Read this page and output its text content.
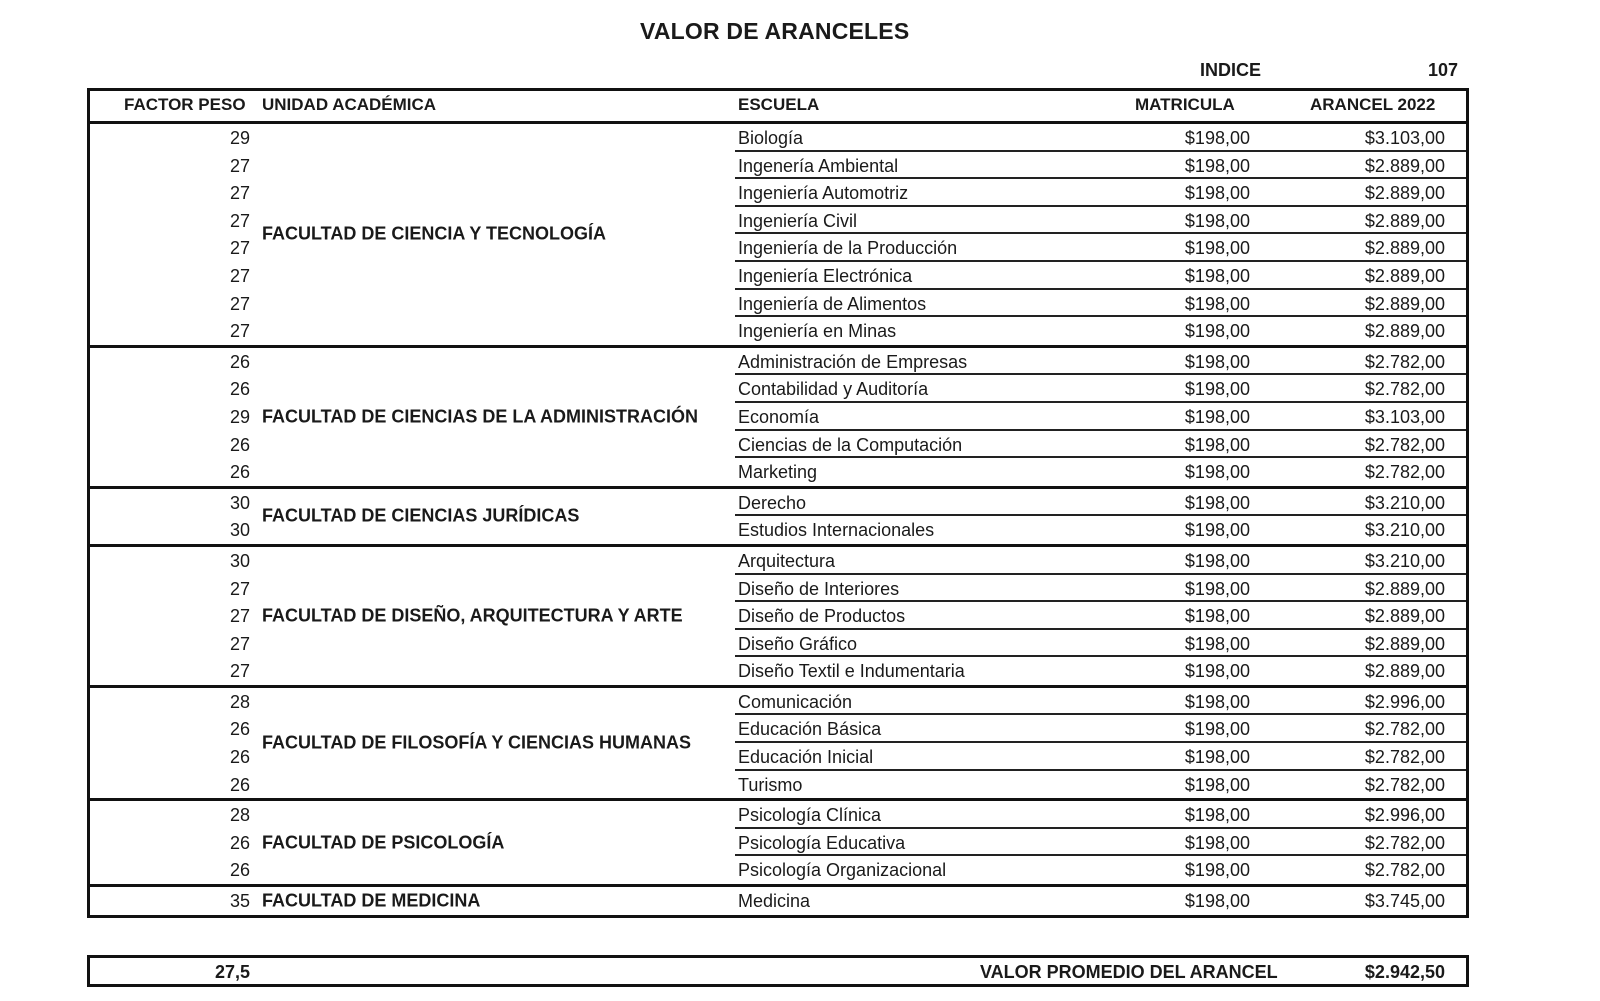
VALOR DE ARANCELES
INDICE	107
FACTOR PESO UNIDAD ACADÉMICA	ESCUELA	MATRICULA	ARANCEL 2022
FACULTAD DE CIENCIA Y TECNOLOGÍA
29	Biología	$198,00	$3.103,00
27	Ingenería Ambiental	$198,00	$2.889,00
27	Ingeniería Automotriz	$198,00	$2.889,00
27	Ingeniería Civil	$198,00	$2.889,00
27	Ingeniería de la Producción	$198,00	$2.889,00
27	Ingeniería Electrónica	$198,00	$2.889,00
27	Ingeniería de Alimentos	$198,00	$2.889,00
27	Ingeniería en Minas	$198,00	$2.889,00
FACULTAD DE CIENCIAS DE LA ADMINISTRACIÓN
26	Administración de Empresas	$198,00	$2.782,00
26	Contabilidad y Auditoría	$198,00	$2.782,00
29	Economía	$198,00	$3.103,00
26	Ciencias de la Computación	$198,00	$2.782,00
26	Marketing	$198,00	$2.782,00
FACULTAD DE CIENCIAS JURÍDICAS
30	Derecho	$198,00	$3.210,00
30	Estudios Internacionales	$198,00	$3.210,00
FACULTAD DE DISEÑO, ARQUITECTURA Y ARTE
30	Arquitectura	$198,00	$3.210,00
27	Diseño de Interiores	$198,00	$2.889,00
27	Diseño de Productos	$198,00	$2.889,00
27	Diseño Gráfico	$198,00	$2.889,00
27	Diseño Textil e Indumentaria	$198,00	$2.889,00
FACULTAD DE FILOSOFÍA Y CIENCIAS HUMANAS
28	Comunicación	$198,00	$2.996,00
26	Educación Básica	$198,00	$2.782,00
26	Educación Inicial	$198,00	$2.782,00
26	Turismo	$198,00	$2.782,00
FACULTAD DE PSICOLOGÍA
28	Psicología Clínica	$198,00	$2.996,00
26	Psicología Educativa	$198,00	$2.782,00
26	Psicología Organizacional	$198,00	$2.782,00
FACULTAD DE MEDICINA
35	Medicina	$198,00	$3.745,00
27,5	VALOR PROMEDIO DEL ARANCEL	$2.942,50
